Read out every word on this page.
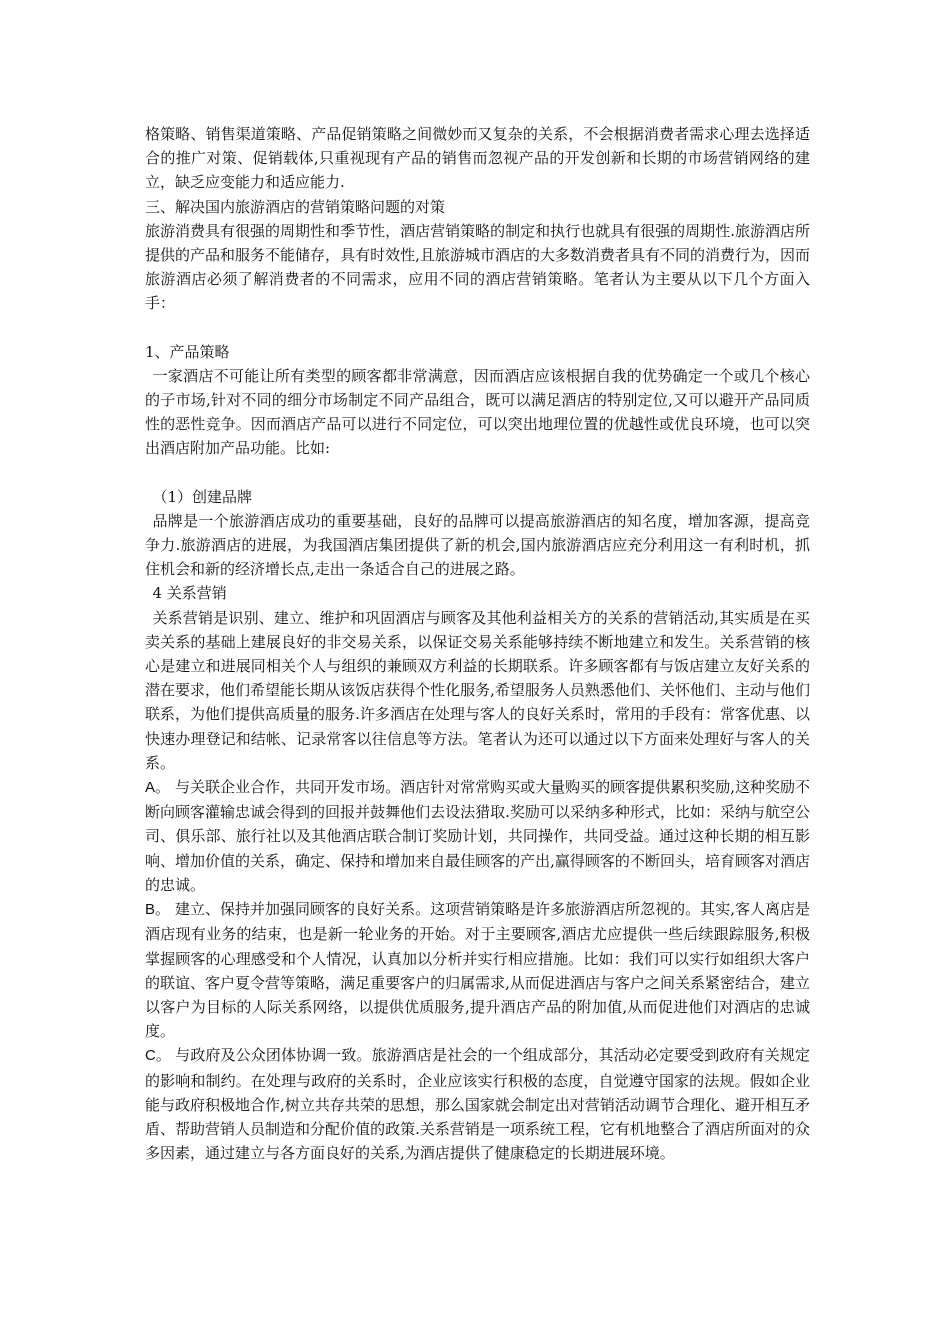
格策略、销售渠道策略、产品促销策略之间微妙而又复杂的关系，不会根据消费者需求心理去选择适合的推广对策、促销载体,只重视现有产品的销售而忽视产品的开发创新和长期的市场营销网络的建立，缺乏应变能力和适应能力.

三、解决国内旅游酒店的营销策略问题的对策

旅游消费具有很强的周期性和季节性，酒店营销策略的制定和执行也就具有很强的周期性.旅游酒店所提供的产品和服务不能储存，具有时效性,且旅游城市酒店的大多数消费者具有不同的消费行为，因而旅游酒店必须了解消费者的不同需求，应用不同的酒店营销策略。笔者认为主要从以下几个方面入手：

1、产品策略

一家酒店不可能让所有类型的顾客都非常满意，因而酒店应该根据自我的优势确定一个或几个核心的子市场,针对不同的细分市场制定不同产品组合，既可以满足酒店的特别定位,又可以避开产品同质性的恶性竞争。因而酒店产品可以进行不同定位，可以突出地理位置的优越性或优良环境，也可以突出酒店附加产品功能。比如:

（1）创建品牌

品牌是一个旅游酒店成功的重要基础，良好的品牌可以提高旅游酒店的知名度，增加客源，提高竞争力.旅游酒店的进展，为我国酒店集团提供了新的机会,国内旅游酒店应充分利用这一有利时机，抓住机会和新的经济增长点,走出一条适合自己的进展之路。

4 关系营销

关系营销是识别、建立、维护和巩固酒店与顾客及其他利益相关方的关系的营销活动,其实质是在买卖关系的基础上建展良好的非交易关系，以保证交易关系能够持续不断地建立和发生。关系营销的核心是建立和进展同相关个人与组织的兼顾双方利益的长期联系。许多顾客都有与饭店建立友好关系的潜在要求，他们希望能长期从该饭店获得个性化服务,希望服务人员熟悉他们、关怀他们、主动与他们联系，为他们提供高质量的服务.许多酒店在处理与客人的良好关系时，常用的手段有：常客优惠、以快速办理登记和结帐、记录常客以往信息等方法。笔者认为还可以通过以下方面来处理好与客人的关系。

A。 与关联企业合作，共同开发市场。酒店针对常常购买或大量购买的顾客提供累积奖励,这种奖励不断向顾客灌输忠诚会得到的回报并鼓舞他们去设法猎取.奖励可以采纳多种形式，比如：采纳与航空公司、俱乐部、旅行社以及其他酒店联合制订奖励计划，共同操作，共同受益。通过这种长期的相互影响、增加价值的关系，确定、保持和增加来自最佳顾客的产出,赢得顾客的不断回头，培育顾客对酒店的忠诚。

B。 建立、保持并加强同顾客的良好关系。这项营销策略是许多旅游酒店所忽视的。其实,客人离店是酒店现有业务的结束，也是新一轮业务的开始。对于主要顾客,酒店尤应提供一些后续跟踪服务,积极掌握顾客的心理感受和个人情况，认真加以分析并实行相应措施。比如：我们可以实行如组织大客户的联谊、客户夏令营等策略，满足重要客户的归属需求,从而促进酒店与客户之间关系紧密结合，建立以客户为目标的人际关系网络，以提供优质服务,提升酒店产品的附加值,从而促进他们对酒店的忠诚度。

C。 与政府及公众团体协调一致。旅游酒店是社会的一个组成部分，其活动必定要受到政府有关规定的影响和制约。在处理与政府的关系时，企业应该实行积极的态度，自觉遵守国家的法规。假如企业能与政府积极地合作,树立共存共荣的思想，那么国家就会制定出对营销活动调节合理化、避开相互矛盾、帮助营销人员制造和分配价值的政策.关系营销是一项系统工程，它有机地整合了酒店所面对的众多因素，通过建立与各方面良好的关系,为酒店提供了健康稳定的长期进展环境。
